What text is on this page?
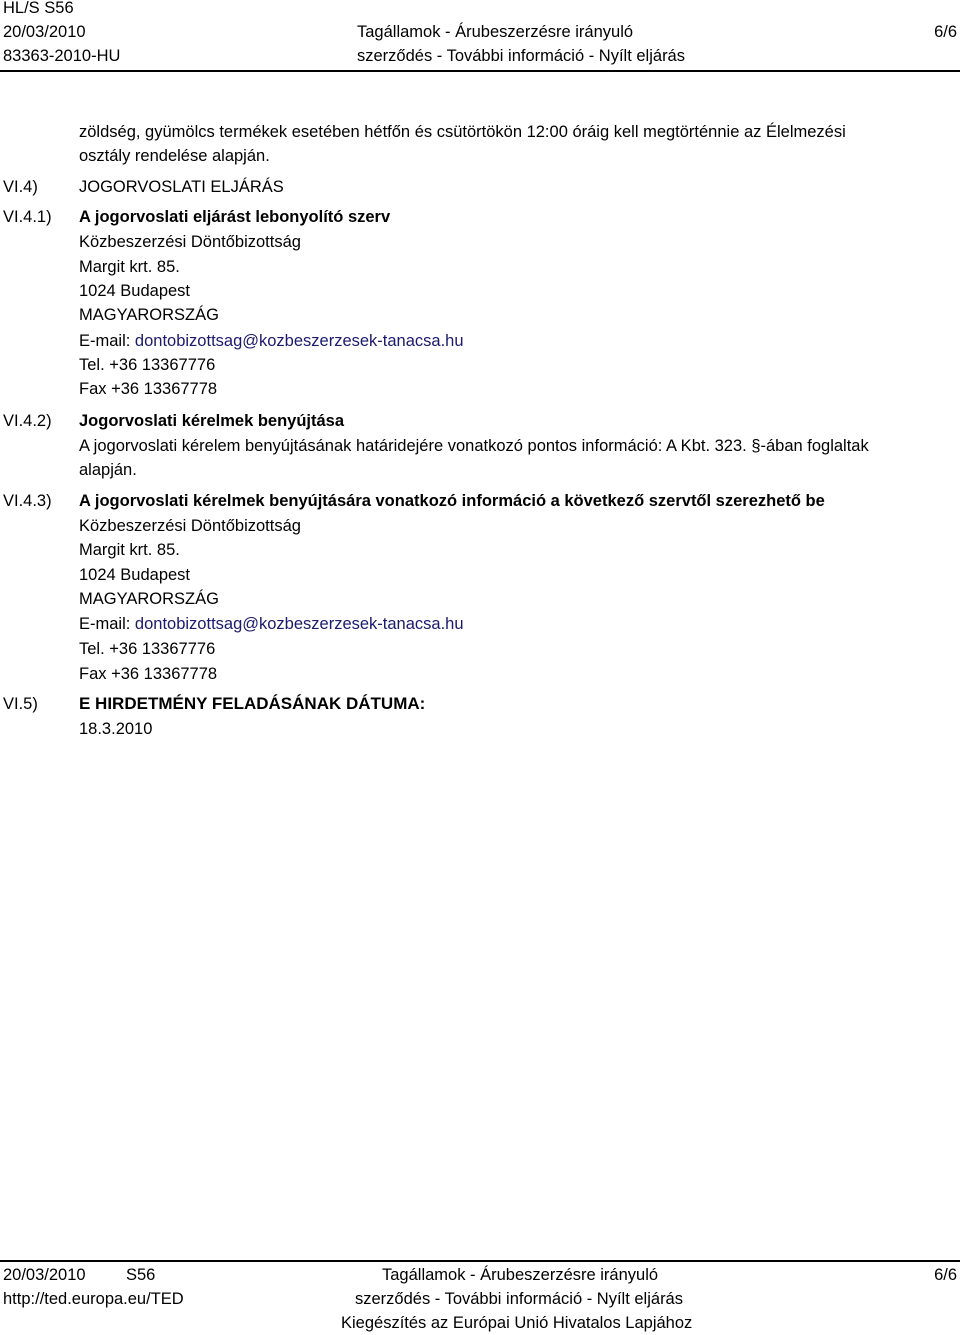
HL/S S56
20/03/2010
83363-2010-HU
Tagállamok - Árubeszerzésre irányuló
szerződés - További információ - Nyílt eljárás
6/6
zöldség, gyümölcs termékek esetében hétfőn és csütörtökön 12:00 óráig kell megtörténnie az Élelmezési
osztály rendelése alapján.
VI.4) JOGORVOSLATI ELJÁRÁS
VI.4.1) A jogorvoslati eljárást lebonyolító szerv
Közbeszerzési Döntőbizottság
Margit krt. 85.
1024 Budapest
MAGYARORSZÁG
E-mail: dontobizottsag@kozbeszerzesek-tanacsa.hu
Tel. +36 13367776
Fax +36 13367778
VI.4.2) Jogorvoslati kérelmek benyújtása
A jogorvoslati kérelem benyújtásának határidejére vonatkozó pontos információ: A Kbt. 323. §-ában foglaltak
alapján.
VI.4.3) A jogorvoslati kérelmek benyújtására vonatkozó információ a következő szervtől szerezhető be
Közbeszerzési Döntőbizottság
Margit krt. 85.
1024 Budapest
MAGYARORSZÁG
E-mail: dontobizottsag@kozbeszerzesek-tanacsa.hu
Tel. +36 13367776
Fax +36 13367778
VI.5) E HIRDETMÉNY FELADÁSÁNAK DÁTUMA:
18.3.2010
20/03/2010 S56
http://ted.europa.eu/TED
Tagállamok - Árubeszerzésre irányuló
szerződés - További információ - Nyílt eljárás
Kiegészítés az Európai Unió Hivatalos Lapjához
6/6
